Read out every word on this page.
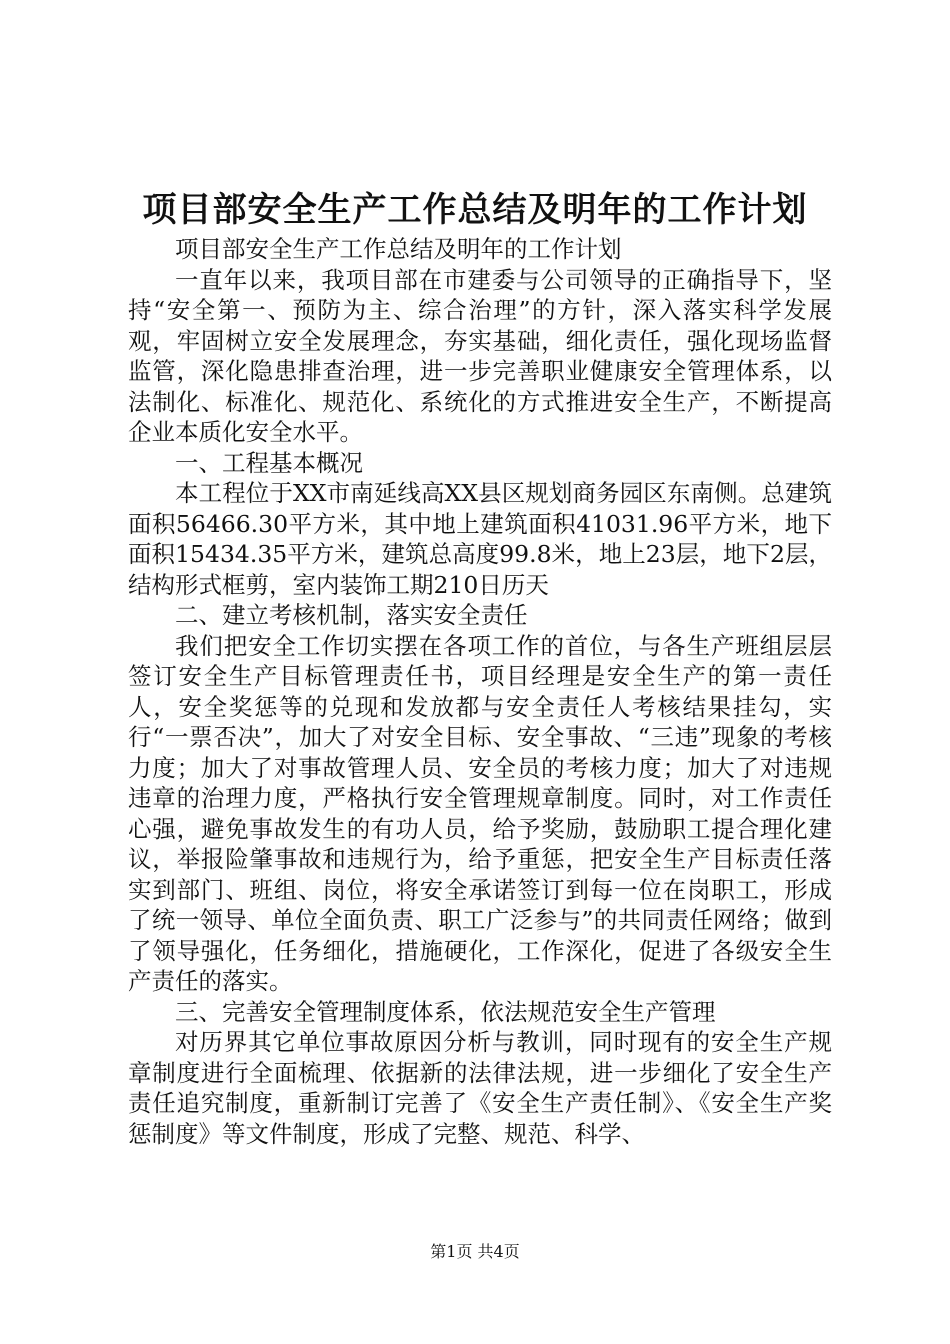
项目部安全生产工作总结及明年的工作计划

项目部安全生产工作总结及明年的工作计划

一直年以来，我项目部在市建委与公司领导的正确指导下，坚持“安全第一、预防为主、综合治理”的方针，深入落实科学发展观，牢固树立安全发展理念，夯实基础，细化责任，强化现场监督监管，深化隐患排查治理，进一步完善职业健康安全管理体系，以法制化、标准化、规范化、系统化的方式推进安全生产，不断提高企业本质化安全水平。

一、工程基本概况

本工程位于XX市南延线高XX县区规划商务园区东南侧。总建筑面积56466.30平方米，其中地上建筑面积41031.96平方米，地下面积15434.35平方米，建筑总高度99.8米，地上23层，地下2层，结构形式框剪，室内装饰工期210日历天

二、建立考核机制，落实安全责任

我们把安全工作切实摆在各项工作的首位，与各生产班组层层签订安全生产目标管理责任书，项目经理是安全生产的第一责任人，安全奖惩等的兑现和发放都与安全责任人考核结果挂勾，实行“一票否决”，加大了对安全目标、安全事故、“三违”现象的考核力度；加大了对事故管理人员、安全员的考核力度；加大了对违规违章的治理力度，严格执行安全管理规章制度。同时，对工作责任心强，避免事故发生的有功人员，给予奖励，鼓励职工提合理化建议，举报险肇事故和违规行为，给予重惩，把安全生产目标责任落实到部门、班组、岗位，将安全承诺签订到每一位在岗职工，形成了统一领导、单位全面负责、职工广泛参与”的共同责任网络；做到了领导强化，任务细化，措施硬化，工作深化，促进了各级安全生产责任的落实。

三、完善安全管理制度体系，依法规范安全生产管理

对历界其它单位事故原因分析与教训，同时现有的安全生产规章制度进行全面梳理、依据新的法律法规，进一步细化了安全生产责任追究制度，重新制订完善了《安全生产责任制》、《安全生产奖惩制度》等文件制度，形成了完整、规范、科学、

第1页 共4页
